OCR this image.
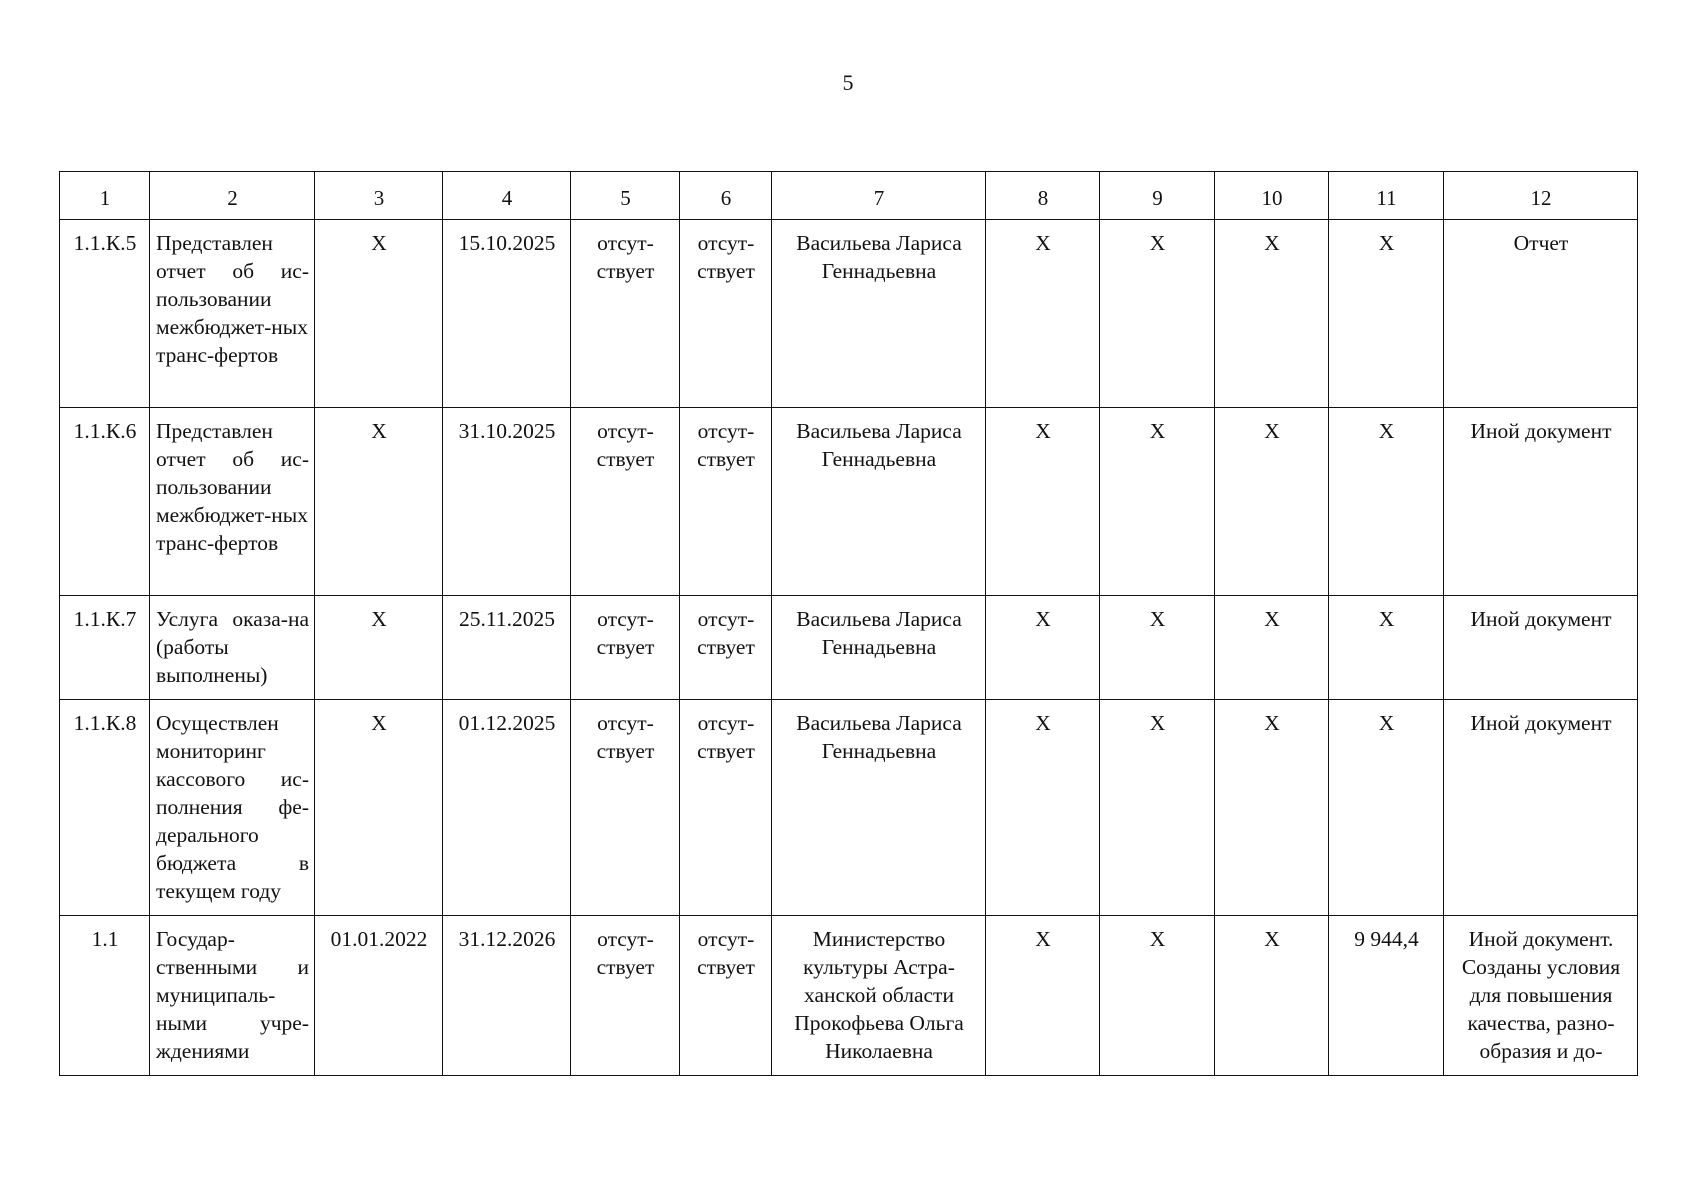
5
1	2	3	4	5	6	7	8	9	10	11	12
1.1.К.5	Представлен отчет об ис-пользовании межбюджет-ных транс-фертов	X	15.10.2025	отсут-ствует	отсут-ствует	Васильева Лариса Геннадьевна	X	X	X	X	Отчет
1.1.К.6	Представлен отчет об ис-пользовании межбюджет-ных транс-фертов	X	31.10.2025	отсут-ствует	отсут-ствует	Васильева Лариса Геннадьевна	X	X	X	X	Иной документ
1.1.К.7	Услуга оказа-на (работы выполнены)	X	25.11.2025	отсут-ствует	отсут-ствует	Васильева Лариса Геннадьевна	X	X	X	X	Иной документ
1.1.К.8	Осуществлен мониторинг кассового ис-полнения фе-дерального бюджета в текущем году	X	01.12.2025	отсут-ствует	отсут-ствует	Васильева Лариса Геннадьевна	X	X	X	X	Иной документ
1.1	Государ-ственными и муниципаль-ными учре-ждениями	01.01.2022	31.12.2026	отсут-ствует	отсут-ствует	Министерство культуры Астра-ханской области Прокофьева Ольга Николаевна	X	X	X	9 944,4	Иной документ. Созданы условия для повышения качества, разно-образия и до-
